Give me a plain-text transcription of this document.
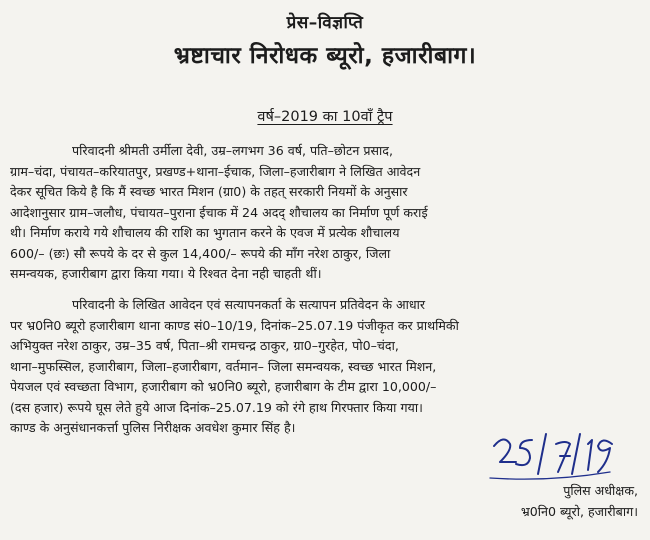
प्रेस–विज्ञप्ति
भ्रष्टाचार निरोधक ब्यूरो, हजारीबाग।
वर्ष–2019 का 10वाँ ट्रैप
परिवादनी श्रीमती उर्मीला देवी, उम्र–लगभग 36 वर्ष, पति–छोटन प्रसाद,
ग्राम–चंदा, पंचायत–करियातपुर, प्रखण्ड+थाना–ईचाक, जिला–हजारीबाग ने लिखित आवेदन
देकर सूचित किये है कि मैं स्वच्छ भारत मिशन (ग्रा0) के तहत् सरकारी नियमों के अनुसार
आदेशानुसार ग्राम–जलौध, पंचायत–पुराना ईचाक में 24 अदद् शौचालय का निर्माण पूर्ण कराई
थी। निर्माण कराये गये शौचालय की राशि का भुगतान करने के एवज में प्रत्येक शौचालय
600/– (छः) सौ रूपये के दर से कुल 14,400/– रूपये की माँग नरेश ठाकुर, जिला
समन्वयक, हजारीबाग द्वारा किया गया। ये रिश्वत देना नही चाहती थीं।
परिवादनी के लिखित आवेदन एवं सत्यापनकर्ता के सत्यापन प्रतिवेदन के आधार
पर भ्र0नि0 ब्यूरो हजारीबाग थाना काण्ड सं0–10/19, दिनांक–25.07.19 पंजीकृत कर प्राथमिकी
अभियुक्त नरेश ठाकुर, उम्र–35 वर्ष, पिता–श्री रामचन्द्र ठाकुर, ग्रा0–गुरहेत, पो0–चंदा,
थाना–मुफस्सिल, हजारीबाग, जिला–हजारीबाग, वर्तमान– जिला समन्वयक, स्वच्छ भारत मिशन,
पेयजल एवं स्वच्छता विभाग, हजारीबाग को भ्र0नि0 ब्यूरो, हजारीबाग के टीम द्वारा 10,000/–
(दस हजार) रूपये घूस लेते हुये आज दिनांक–25.07.19 को रंगे हाथ गिरफ्तार किया गया।
काण्ड के अनुसंधानकर्त्ता पुलिस निरीक्षक अवधेश कुमार सिंह है।
पुलिस अधीक्षक,
भ्र0नि0 ब्यूरो, हजारीबाग।
